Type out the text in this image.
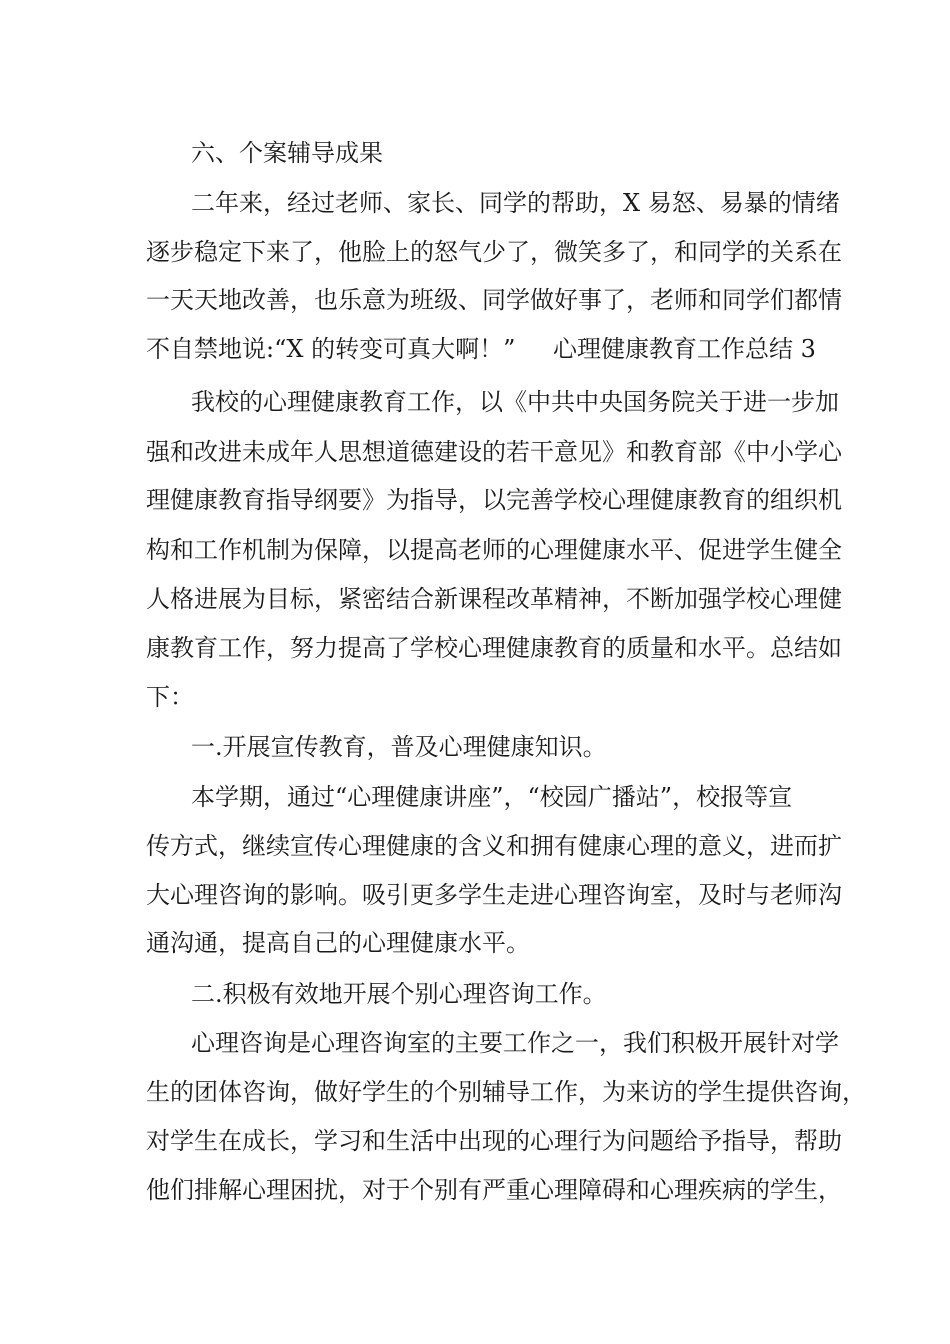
六、个案辅导成果

二年来，经过老师、家长、同学的帮助，X 易怒、易暴的情绪

逐步稳定下来了，他脸上的怒气少了，微笑多了，和同学的关系在

一天天地改善，也乐意为班级、同学做好事了，老师和同学们都情

不自禁地说:“X 的转变可真大啊！”

心理健康教育工作总结 3

我校的心理健康教育工作，以《中共中央国务院关于进一步加

强和改进未成年人思想道德建设的若干意见》和教育部《中小学心

理健康教育指导纲要》为指导，以完善学校心理健康教育的组织机

构和工作机制为保障，以提高老师的心理健康水平、促进学生健全

人格进展为目标，紧密结合新课程改革精神，不断加强学校心理健

康教育工作，努力提高了学校心理健康教育的质量和水平。总结如

下：

一.开展宣传教育，普及心理健康知识。

本学期，通过“心理健康讲座”，“校园广播站”，校报等宣

传方式，继续宣传心理健康的含义和拥有健康心理的意义，进而扩

大心理咨询的影响。吸引更多学生走进心理咨询室，及时与老师沟

通沟通，提高自己的心理健康水平。

二.积极有效地开展个别心理咨询工作。

心理咨询是心理咨询室的主要工作之一，我们积极开展针对学

生的团体咨询，做好学生的个别辅导工作，为来访的学生提供咨询，

对学生在成长，学习和生活中出现的心理行为问题给予指导，帮助

他们排解心理困扰，对于个别有严重心理障碍和心理疾病的学生，
